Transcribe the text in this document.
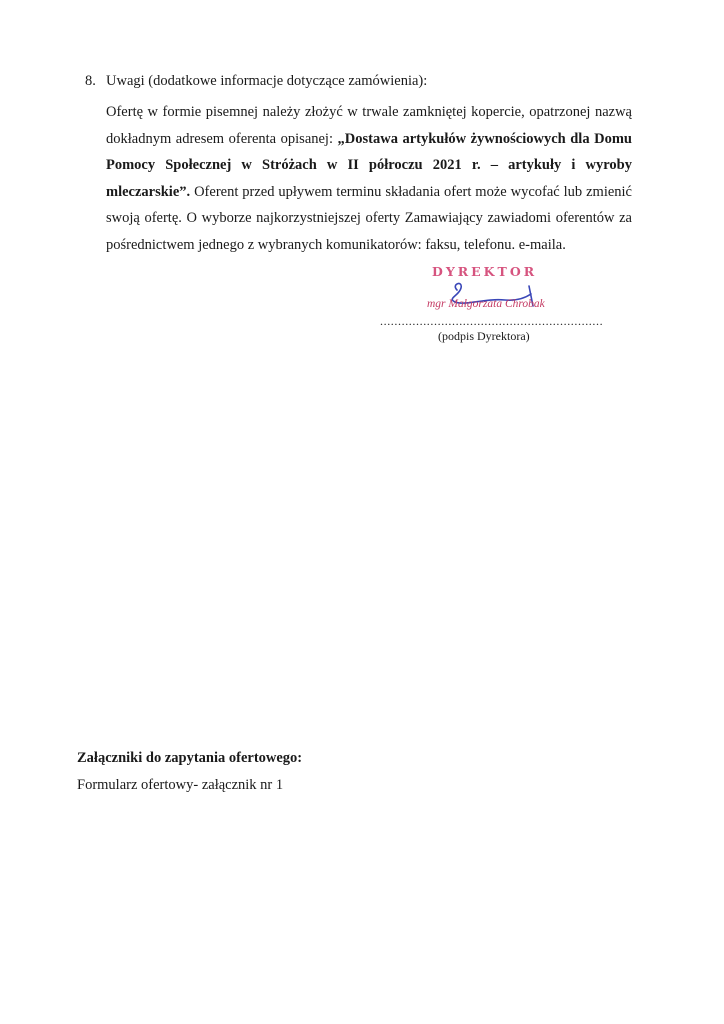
8. Uwagi (dodatkowe informacje dotyczące zamówienia):
Ofertę w formie pisemnej należy złożyć w trwale zamkniętej kopercie, opatrzonej nazwą
dokładnym adresem oferenta opisanej: „Dostawa artykułów żywnościowych dla Domu
Pomocy Społecznej w Stróżach w II półroczu 2021 r. – artykuły i wyroby
mleczarskie”. Oferent przed upływem terminu składania ofert może wycofać lub zmienić
swoją ofertę. O wyborze najkorzystniejszej oferty Zamawiający zawiadomi oferentów za
pośrednictwem jednego z wybranych komunikatorów: faksu, telefonu. e-maila.
DYREKTOR
mgr Małgorzata Chrobak
..............................................................
(podpis Dyrektora)
Załączniki do zapytania ofertowego:
Formularz ofertowy- załącznik nr 1
